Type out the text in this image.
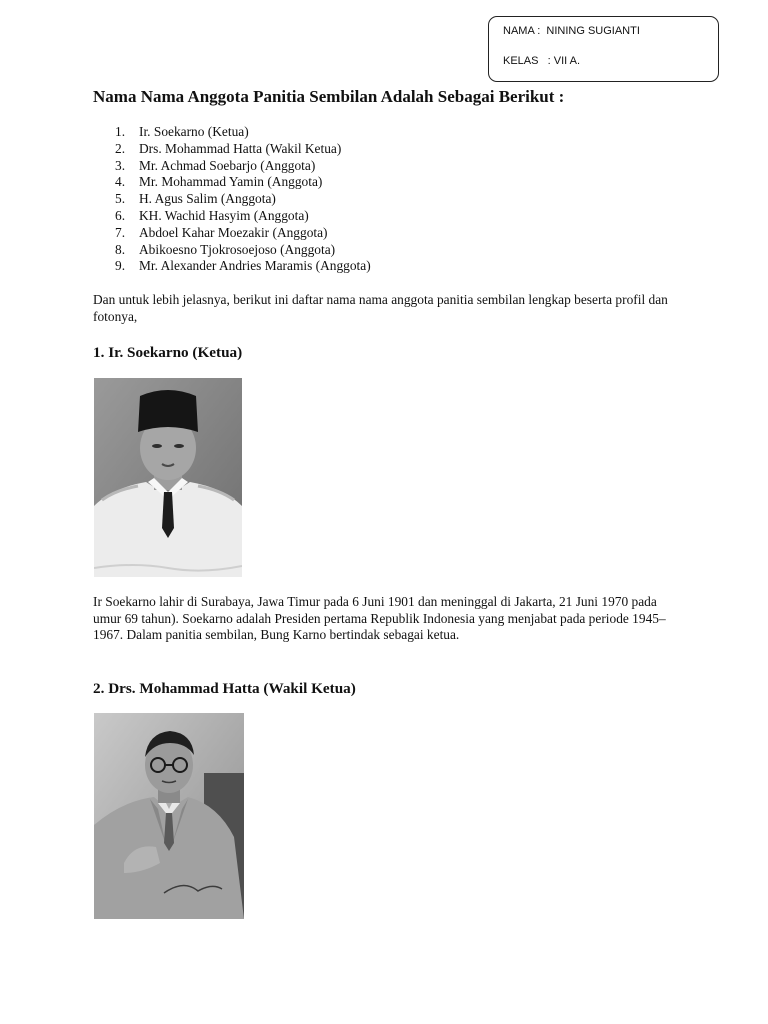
NAMA :  NINING SUGIANTI
KELAS   : VII A.
Nama Nama Anggota Panitia Sembilan Adalah Sebagai Berikut :
1. Ir. Soekarno (Ketua)
2. Drs. Mohammad Hatta (Wakil Ketua)
3. Mr. Achmad Soebarjo (Anggota)
4. Mr. Mohammad Yamin (Anggota)
5. H. Agus Salim (Anggota)
6. KH. Wachid Hasyim (Anggota)
7. Abdoel Kahar Moezakir (Anggota)
8. Abikoesno Tjokrosoejoso (Anggota)
9. Mr. Alexander Andries Maramis (Anggota)

Dan untuk lebih jelasnya, berikut ini daftar nama nama anggota panitia sembilan lengkap beserta profil dan fotonya,

1. Ir. Soekarno (Ketua)

Ir Soekarno lahir di Surabaya, Jawa Timur pada 6 Juni 1901 dan meninggal di Jakarta, 21 Juni 1970 pada umur 69 tahun). Soekarno adalah Presiden pertama Republik Indonesia yang menjabat pada periode 1945–1967. Dalam panitia sembilan, Bung Karno bertindak sebagai ketua.

2. Drs. Mohammad Hatta (Wakil Ketua)
